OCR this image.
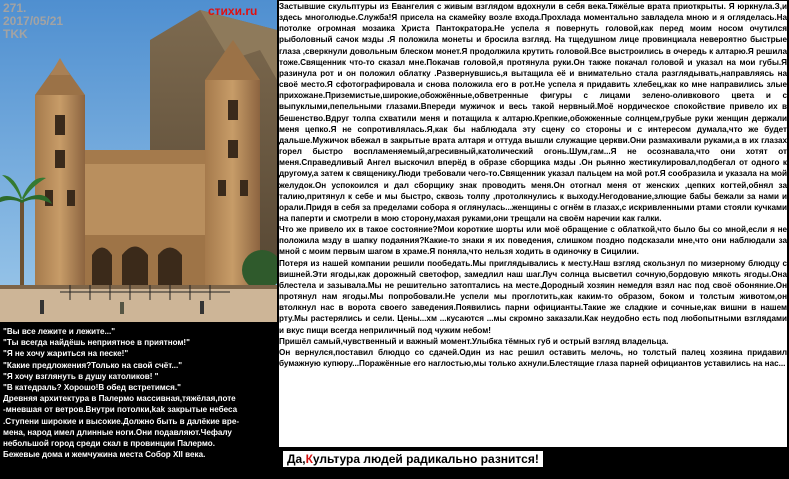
271.
2017/05/21
TKK
стихи.ru
"Вы все лежите и лежите..."
"Ты всегда найдёшь неприятное в приятном!"
"Я не хочу жариться на песке!"
"Какие предложения?Только на свой счёт..."
"Я хочу взглянуть в душу католиков! "
"В катедраль? Хорошо!В обед встретимся."
Древняя архитектура в Палермо массивная,тяжёлая,поте
-мневшая от ветров.Внутри потолки,kak закрытые небеса
.Ступени широкие и высокие.Должно быть в далёкие вре-
мена, народ имел длинные ноги.Они подавляют.Чефалу
небольшой город среди скал в провинции Палермо.
Бежевые дома и жемчужина места Собор XII века.

Застывшие скульптуры из Евангелия с живым взглядом вдохнули в себя века.Тяжёлые врата приоткрыты. Я юркнула.З,и здесь многолюдье.Служба!Я присела на скамейку возле входа.Прохлада моментально завладела мною и я огляделась.На потолке огромная мозаика Христа Пантократора.Не успела я повернуть головой,как перед моим носом очутился рыболовный сачок мзды .Я положила монеты и бросила взгляд. На тщедушном лице провинциала невероятно быстрые глаза ,сверкнули довольным блеском монет.Я продолжила крутить головой.Все выстроились в очередь к алтарю.Я решила тоже.Священник что-то сказал мне.Покачав головой,я протянула руки.Он также покачал головой и указал на мои губы.Я разинула рот и он положил облатку .Развернувшись,я вытащила её и внимательно стала разглядывать,направляясь на своё место.Я сфотографировала и снова положила его в рот.Не успела я придавить хлебец,как ко мне направились злые прихожане.Приземистые,широкие,обожжённые,обветренные фигуры с лицами зелено-оливкового цвета и с выпуклыми,пепельными глазами.Впереди мужичок и весь такой нервный.Моё нордическое спокойствие привело их в бешенство.Вдруг толпа схватили меня и потащила к алтарю.Крепкие,обожженные солнцем,грубые руки женщин держали меня цепко.Я не сопротивлялась.Я,как бы наблюдала эту сцену со стороны и с интересом думала,что же будет дальше.Мужичок вбежал в закрытые врата алтаря и оттуда вышли служащие церкви.Они размахивали руками,а в их глазах горел быстро воспламеняемый,агресивный,католический огонь.Шум,гам...Я не осознавала,что они хотят от меня.Справедливый Ангел выскочил вперёд в образе сборщика мзды .Он рьянно жестикулировал,подбегал от одного к другому,а затем к священику.Люди требовали чего-то.Священник указал пальцем на мой рот.Я сообразила и указала на мой желудок.Он успокоился и дал сборщику знак проводить меня.Он отогнал меня от женских ,цепких когтей,обнял за талию,притянул к себе и мы быстро, сквозь толпу ,протолкнулись к выходу.Негодование,злющие бабы бежали за нами и орали.Придя в себя за пределами собора я оглянулась...женщины с огнём в глазах,с искривленными ртами стояли кучками на паперти и смотрели в мою сторону,махая руками,они трещали на своём наречии как галки.

Что же привело их в такое состояние?Мои короткие шорты или моё обращение с облаткой,что было бы со мной,если я не положила мзду в шапку подаяния?Какие-то знаки я их поведения, слишком поздно подсказали мне,что они наблюдали за мной с моим первым шагом в храме.Я поняла,что нельзя ходить в одиночку в Сицилии.

Потеря из нашей компании решили пообедать.Мы приглядывались к месту.Наш взгляд скользнул по мизерному блюдцу с вишней.Эти ягоды,как дорожный светофор, замедлил наш шаг.Луч солнца высветил сочную,бордовую мякоть ягоды.Она блестела и зазывала.Мы не решительно затоптались на месте.Дородный хозяин немедля взял нас под своё обоняние.Он протянул нам ягоды.Мы попробовали.Не успели мы проглотить,как каким-то образом, боком и толстым животом,он втолкнул нас в ворота своего заведения.Появились парни официанты.Такие же сладкие и сочные,как вишни в нашем рту.Мы растерялись и сели. Цены...хм ...кусаются ...мы скромно заказали.Как неудобно есть под любопытными взглядами и вкус пищи всегда неприличный под чужим небом!

Пришёл самый,чувственный и важный момент.Улыбка тёмных губ и острый взгляд владельца.

Он вернулся,поставил блюдцо со сдачей.Один из нас решил оставить мелочь, но толстый палец хозяина придавил бумажную купюру...Поражённые его наглостью,мы только ахнули.Блестящие глаза парней официантов уставились на нас...

Да,Культура людей радикально разнится!
